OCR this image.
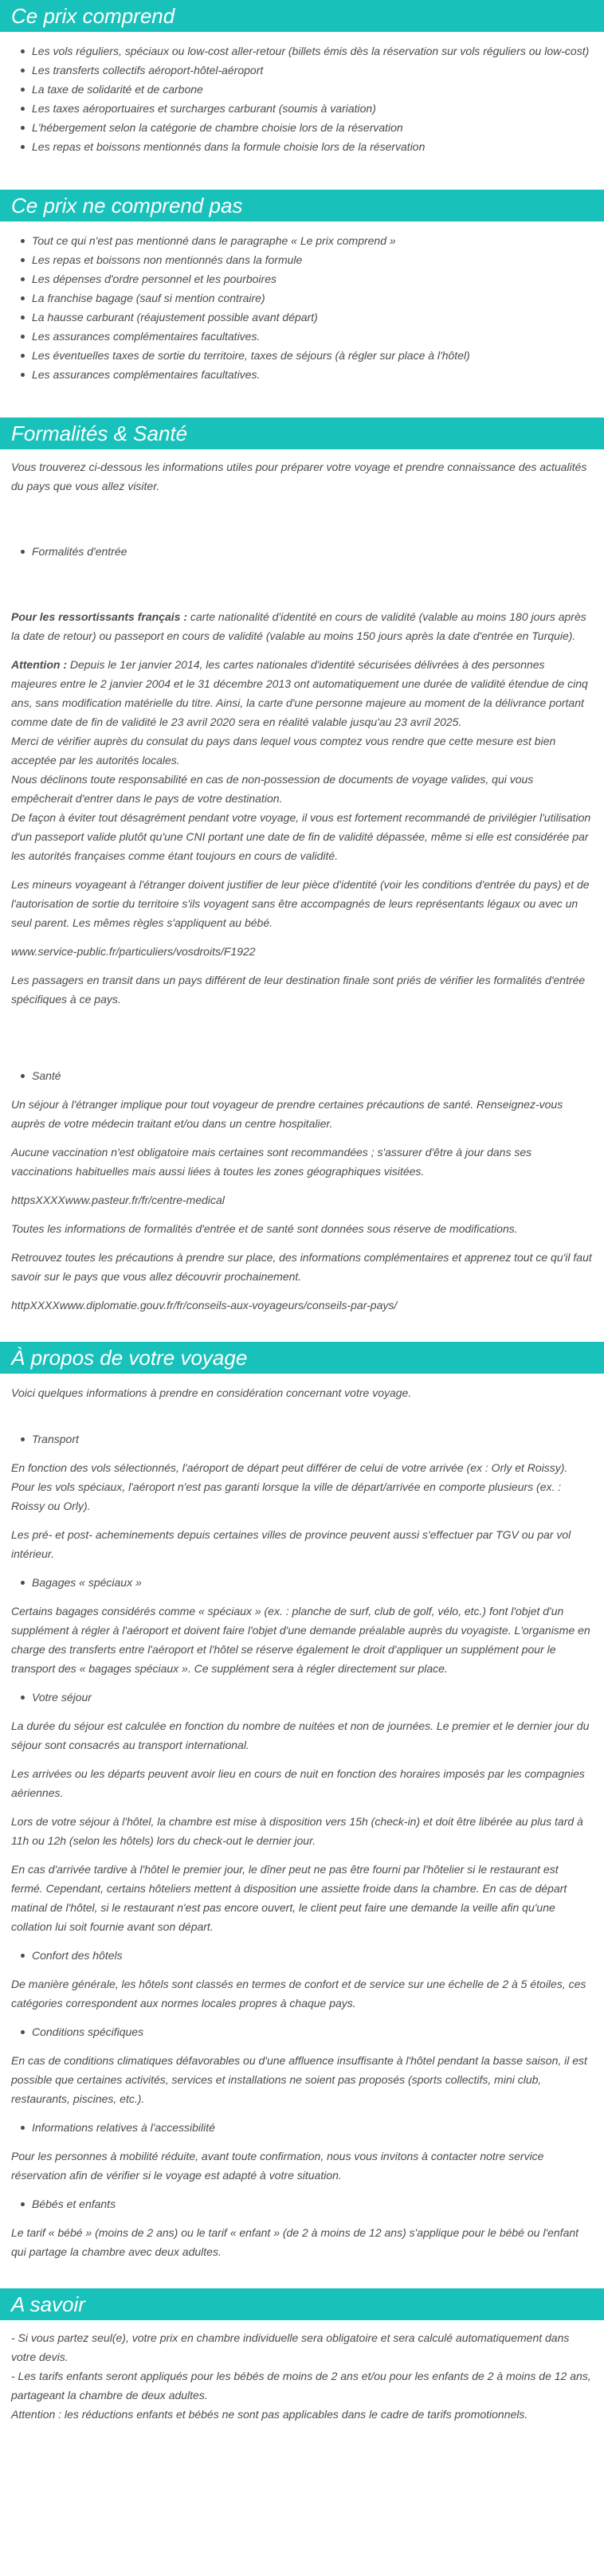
Ce prix comprend
Les vols réguliers, spéciaux ou low-cost aller-retour (billets émis dès la réservation sur vols réguliers ou low-cost)
Les transferts collectifs aéroport-hôtel-aéroport
La taxe de solidarité et de carbone
Les taxes aéroportuaires et surcharges carburant (soumis à variation)
L'hébergement selon la catégorie de chambre choisie lors de la réservation
Les repas et boissons mentionnés dans la formule choisie lors de la réservation
Ce prix ne comprend pas
Tout ce qui n'est pas mentionné dans le paragraphe « Le prix comprend »
Les repas et boissons non mentionnés dans la formule
Les dépenses d'ordre personnel et les pourboires
La franchise bagage (sauf si mention contraire)
La hausse carburant (réajustement possible avant départ)
Les assurances complémentaires facultatives.
Les éventuelles taxes de sortie du territoire, taxes de séjours (à régler sur place à l'hôtel)
Les assurances complémentaires facultatives.
Formalités & Santé

Vous trouverez ci-dessous les informations utiles pour préparer votre voyage et prendre connaissance des actualités du pays que vous allez visiter.

Formalités d'entrée

Pour les ressortissants français : carte nationalité d'identité en cours de validité (valable au moins 180 jours après la date de retour) ou passeport en cours de validité (valable au moins 150 jours après la date d'entrée en Turquie).

Attention : Depuis le 1er janvier 2014, les cartes nationales d'identité sécurisées délivrées à des personnes majeures entre le 2 janvier 2004 et le 31 décembre 2013 ont automatiquement une durée de validité étendue de cinq ans, sans modification matérielle du titre. Ainsi, la carte d'une personne majeure au moment de la délivrance portant comme date de fin de validité le 23 avril 2020 sera en réalité valable jusqu'au 23 avril 2025.
Merci de vérifier auprès du consulat du pays dans lequel vous comptez vous rendre que cette mesure est bien acceptée par les autorités locales.
Nous déclinons toute responsabilité en cas de non-possession de documents de voyage valides, qui vous empêcherait d'entrer dans le pays de votre destination.
De façon à éviter tout désagrément pendant votre voyage, il vous est fortement recommandé de privilégier l'utilisation d'un passeport valide plutôt qu'une CNI portant une date de fin de validité dépassée, même si elle est considérée par les autorités françaises comme étant toujours en cours de validité.

Les mineurs voyageant à l'étranger doivent justifier de leur pièce d'identité (voir les conditions d'entrée du pays) et de l'autorisation de sortie du territoire s'ils voyagent sans être accompagnés de leurs représentants légaux ou avec un seul parent. Les mêmes règles s'appliquent au bébé.

www.service-public.fr/particuliers/vosdroits/F1922

Les passagers en transit dans un pays différent de leur destination finale sont priés de vérifier les formalités d'entrée spécifiques à ce pays.

Santé

Un séjour à l'étranger implique pour tout voyageur de prendre certaines précautions de santé. Renseignez-vous auprès de votre médecin traitant et/ou dans un centre hospitalier.

Aucune vaccination n'est obligatoire mais certaines sont recommandées ; s'assurer d'être à jour dans ses vaccinations habituelles mais aussi liées à toutes les zones géographiques visitées.

httpsXXXXwww.pasteur.fr/fr/centre-medical

Toutes les informations de formalités d'entrée et de santé sont données sous réserve de modifications.

Retrouvez toutes les précautions à prendre sur place, des informations complémentaires et apprenez tout ce qu'il faut savoir sur le pays que vous allez découvrir prochainement.

httpXXXXwww.diplomatie.gouv.fr/fr/conseils-aux-voyageurs/conseils-par-pays/

À propos de votre voyage

Voici quelques informations à prendre en considération concernant votre voyage.

Transport

En fonction des vols sélectionnés, l'aéroport de départ peut différer de celui de votre arrivée (ex : Orly et Roissy). Pour les vols spéciaux, l'aéroport n'est pas garanti lorsque la ville de départ/arrivée en comporte plusieurs (ex. : Roissy ou Orly).

Les pré- et post- acheminements depuis certaines villes de province peuvent aussi s'effectuer par TGV ou par vol intérieur.

Bagages « spéciaux »

Certains bagages considérés comme « spéciaux » (ex. : planche de surf, club de golf, vélo, etc.) font l'objet d'un supplément à régler à l'aéroport et doivent faire l'objet d'une demande préalable auprès du voyagiste. L'organisme en charge des transferts entre l'aéroport et l'hôtel se réserve également le droit d'appliquer un supplément pour le transport des « bagages spéciaux ». Ce supplément sera à régler directement sur place.

Votre séjour

La durée du séjour est calculée en fonction du nombre de nuitées et non de journées. Le premier et le dernier jour du séjour sont consacrés au transport international.

Les arrivées ou les départs peuvent avoir lieu en cours de nuit en fonction des horaires imposés par les compagnies aériennes.

Lors de votre séjour à l'hôtel, la chambre est mise à disposition vers 15h (check-in) et doit être libérée au plus tard à 11h ou 12h (selon les hôtels) lors du check-out le dernier jour.

En cas d'arrivée tardive à l'hôtel le premier jour, le dîner peut ne pas être fourni par l'hôtelier si le restaurant est fermé. Cependant, certains hôteliers mettent à disposition une assiette froide dans la chambre. En cas de départ matinal de l'hôtel, si le restaurant n'est pas encore ouvert, le client peut faire une demande la veille afin qu'une collation lui soit fournie avant son départ.

Confort des hôtels

De manière générale, les hôtels sont classés en termes de confort et de service sur une échelle de 2 à 5 étoiles, ces catégories correspondent aux normes locales propres à chaque pays.

Conditions spécifiques

En cas de conditions climatiques défavorables ou d'une affluence insuffisante à l'hôtel pendant la basse saison, il est possible que certaines activités, services et installations ne soient pas proposés (sports collectifs, mini club, restaurants, piscines, etc.).

Informations relatives à l'accessibilité

Pour les personnes à mobilité réduite, avant toute confirmation, nous vous invitons à contacter notre service réservation afin de vérifier si le voyage est adapté à votre situation.

Bébés et enfants

Le tarif « bébé » (moins de 2 ans) ou le tarif « enfant » (de 2 à moins de 12 ans) s'applique pour le bébé ou l'enfant qui partage la chambre avec deux adultes.

A savoir

- Si vous partez seul(e), votre prix en chambre individuelle sera obligatoire et sera calculé automatiquement dans votre devis.
- Les tarifs enfants seront appliqués pour les bébés de moins de 2 ans et/ou pour les enfants de 2 à moins de 12 ans, partageant la chambre de deux adultes.
Attention : les réductions enfants et bébés ne sont pas applicables dans le cadre de tarifs promotionnels.
